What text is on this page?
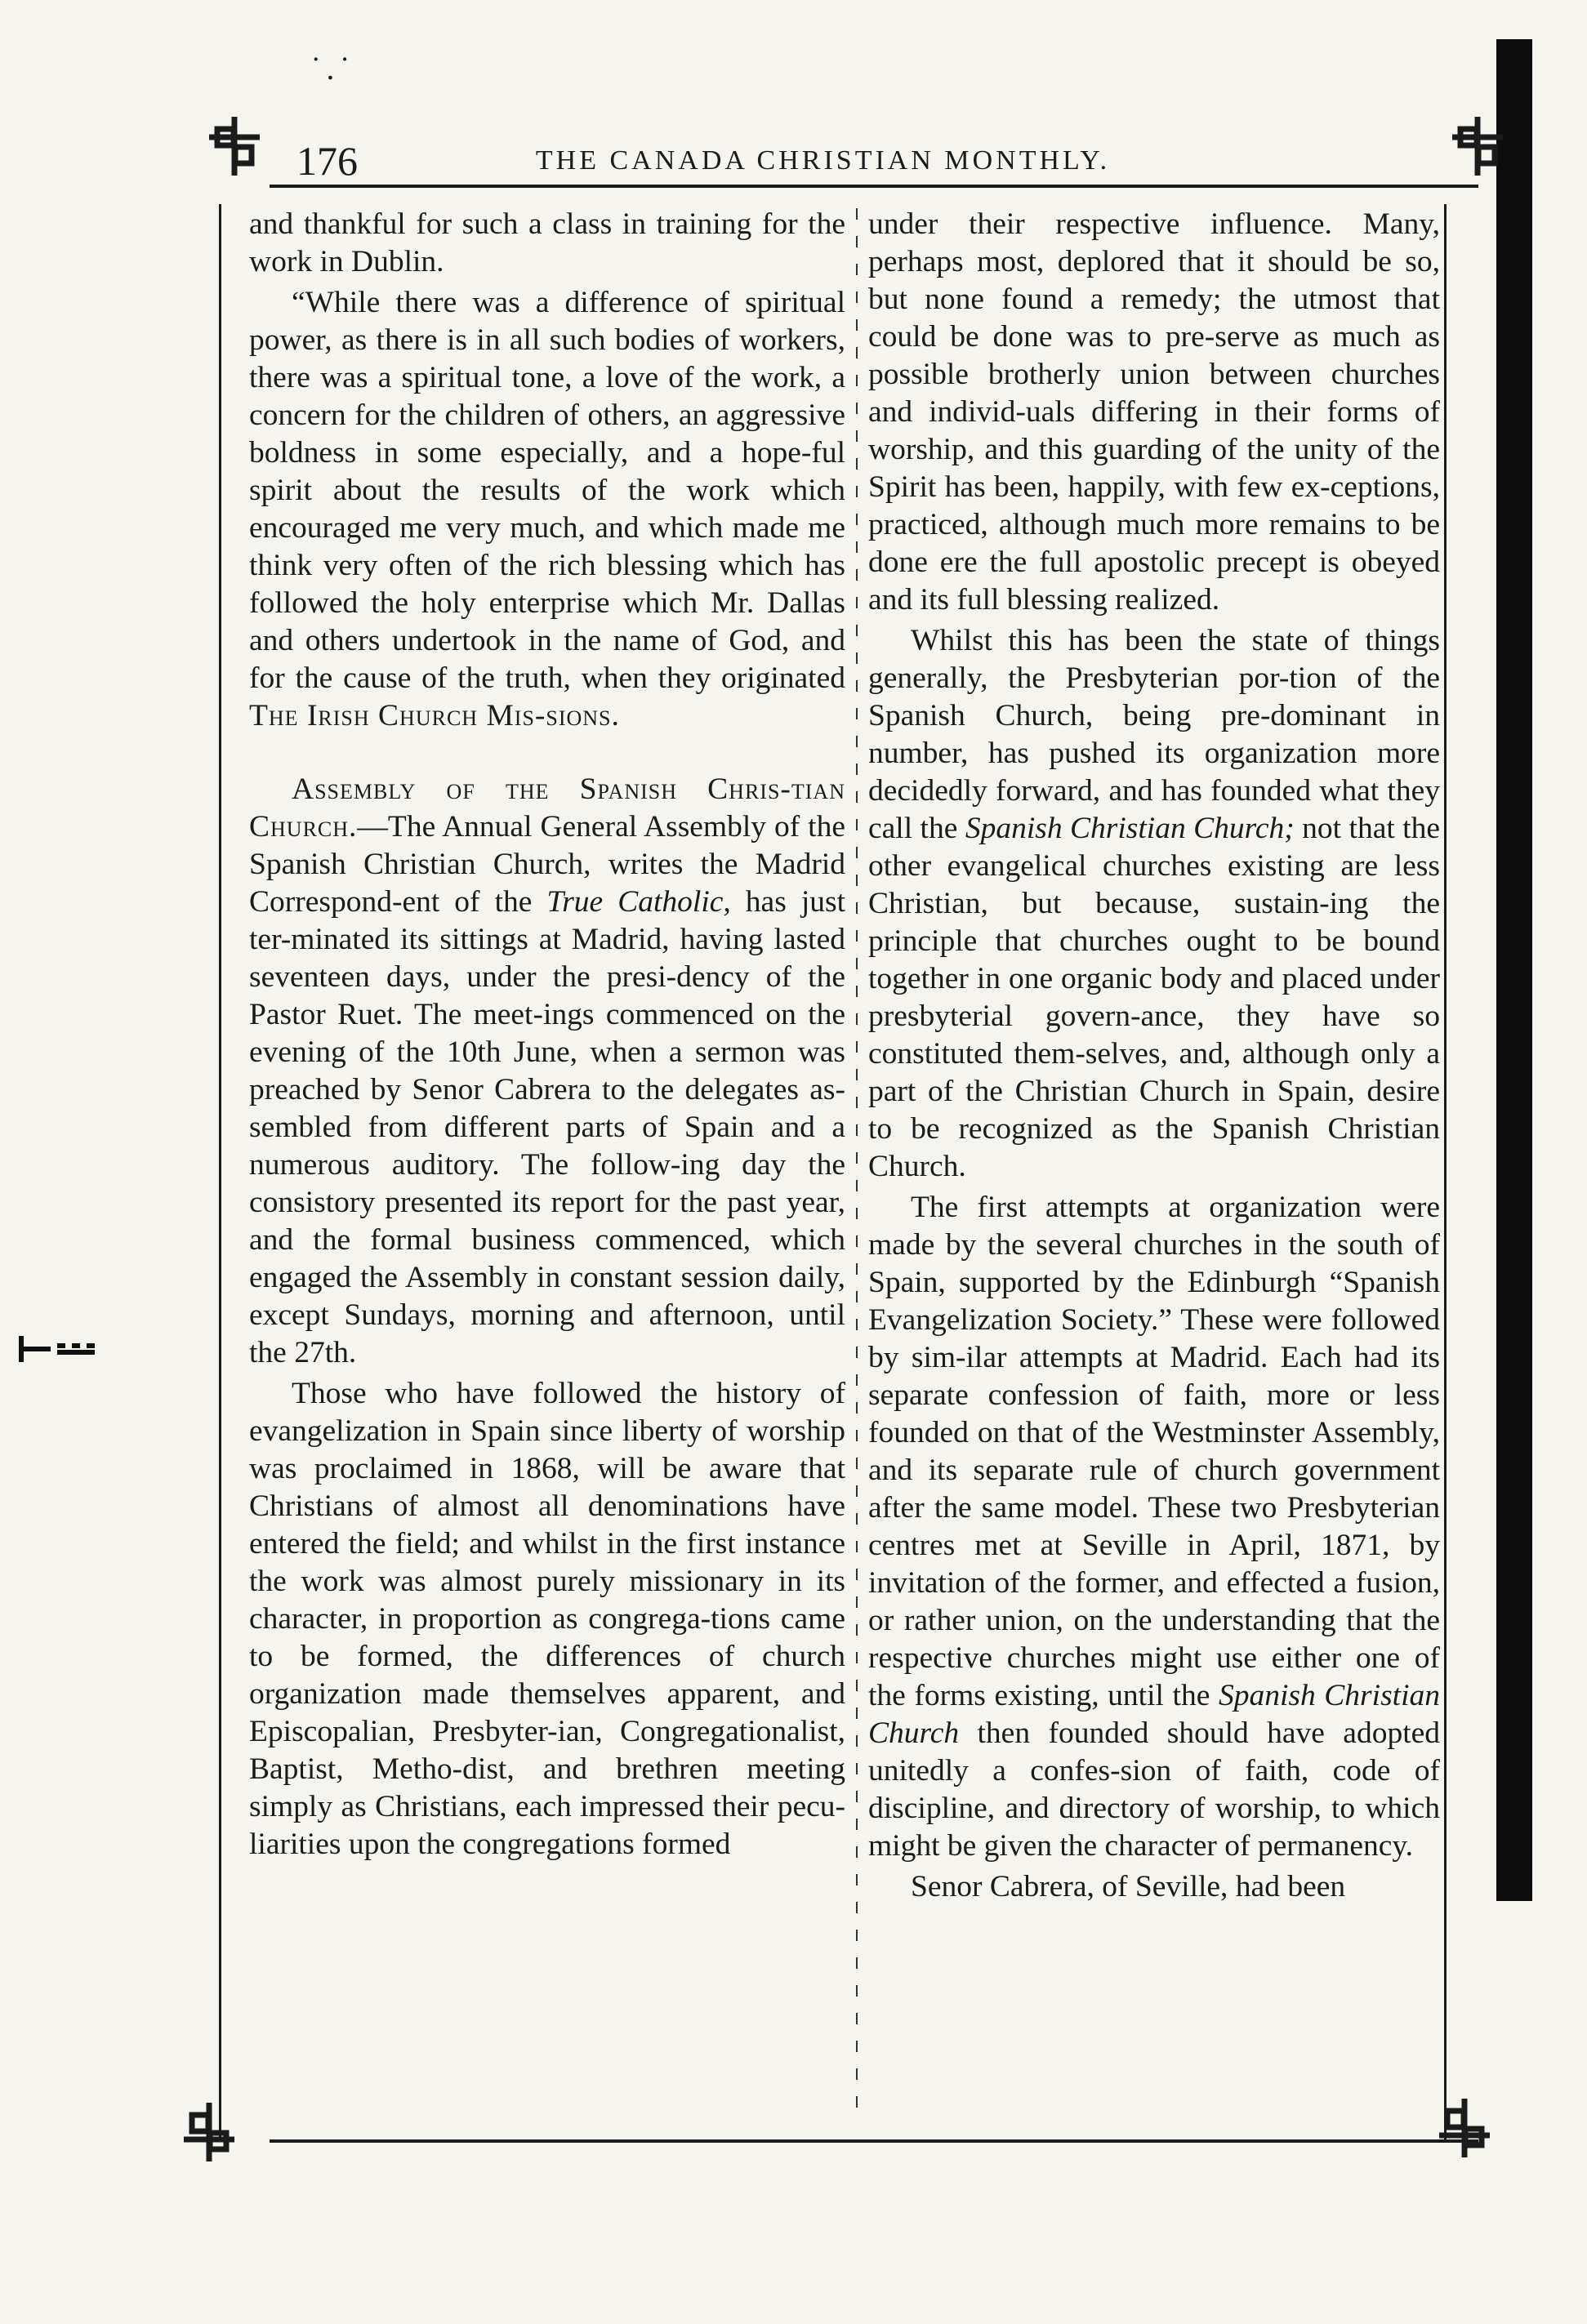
˙.˙
176	THE CANADA CHRISTIAN MONTHLY.

and thankful for such a class in training for the work in Dublin.

“While there was a difference of spiritual power, as there is in all such bodies of workers, there was a spiritual tone, a love of the work, a concern for the children of others, an aggressive boldness in some especially, and a hope-ful spirit about the results of the work which encouraged me very much, and which made me think very often of the rich blessing which has followed the holy enterprise which Mr. Dallas and others undertook in the name of God, and for the cause of the truth, when they originated The Irish Church Mis-sions.

Assembly of the Spanish Chris-tian Church.—The Annual General Assembly of the Spanish Christian Church, writes the Madrid Correspond-ent of the True Catholic, has just ter-minated its sittings at Madrid, having lasted seventeen days, under the presi-dency of the Pastor Ruet. The meet-ings commenced on the evening of the 10th June, when a sermon was preached by Senor Cabrera to the delegates as-sembled from different parts of Spain and a numerous auditory. The follow-ing day the consistory presented its report for the past year, and the formal business commenced, which engaged the Assembly in constant session daily, except Sundays, morning and afternoon, until the 27th.

Those who have followed the history of evangelization in Spain since liberty of worship was proclaimed in 1868, will be aware that Christians of almost all denominations have entered the field; and whilst in the first instance the work was almost purely missionary in its character, in proportion as congrega-tions came to be formed, the differences of church organization made themselves apparent, and Episcopalian, Presbyter-ian, Congregationalist, Baptist, Metho-dist, and brethren meeting simply as Christians, each impressed their pecu-liarities upon the congregations formed

under their respective influence. Many, perhaps most, deplored that it should be so, but none found a remedy; the utmost that could be done was to pre-serve as much as possible brotherly union between churches and individ-uals differing in their forms of worship, and this guarding of the unity of the Spirit has been, happily, with few ex-ceptions, practiced, although much more remains to be done ere the full apostolic precept is obeyed and its full blessing realized.

Whilst this has been the state of things generally, the Presbyterian por-tion of the Spanish Church, being pre-dominant in number, has pushed its organization more decidedly forward, and has founded what they call the Spanish Christian Church; not that the other evangelical churches existing are less Christian, but because, sustain-ing the principle that churches ought to be bound together in one organic body and placed under presbyterial govern-ance, they have so constituted them-selves, and, although only a part of the Christian Church in Spain, desire to be recognized as the Spanish Christian Church.

The first attempts at organization were made by the several churches in the south of Spain, supported by the Edinburgh “Spanish Evangelization Society.” These were followed by sim-ilar attempts at Madrid. Each had its separate confession of faith, more or less founded on that of the Westminster Assembly, and its separate rule of church government after the same model. These two Presbyterian centres met at Seville in April, 1871, by invitation of the former, and effected a fusion, or rather union, on the understanding that the respective churches might use either one of the forms existing, until the Spanish Christian Church then founded should have adopted unitedly a confes-sion of faith, code of discipline, and directory of worship, to which might be given the character of permanency.

Senor Cabrera, of Seville, had been
